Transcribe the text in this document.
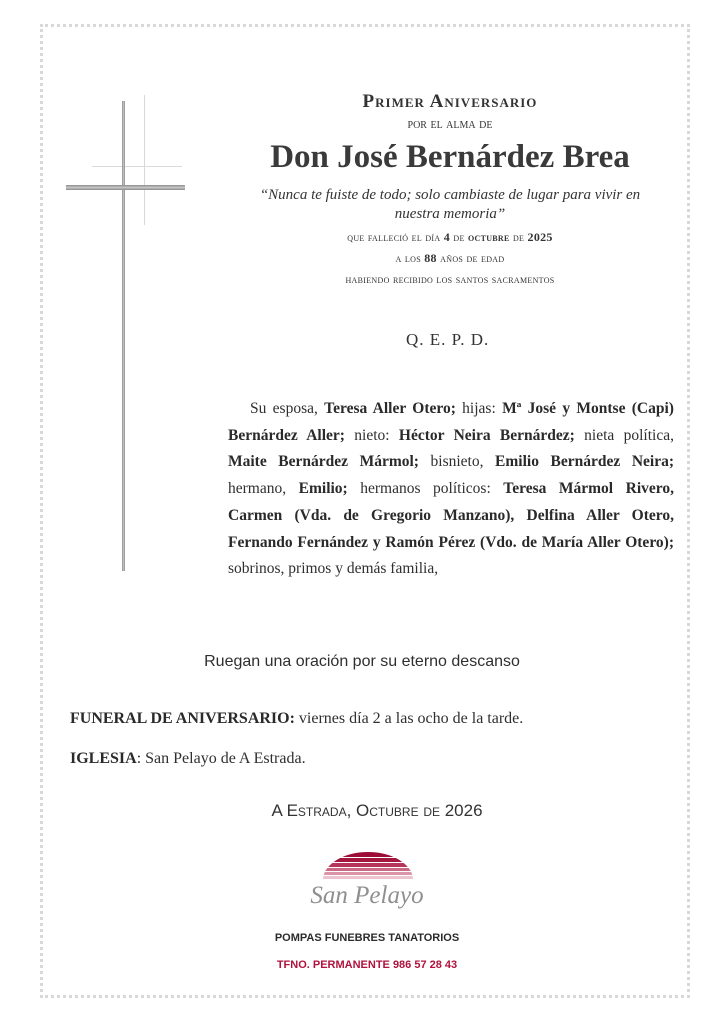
Primer Aniversario
por el alma de
Don José Bernárdez Brea
“Nunca te fuiste de todo; solo cambiaste de lugar para vivir en nuestra memoria”
que falleció el día 4 de octubre de 2025
a los 88 años de edad
habiendo recibido los santos sacramentos
Q. E. P. D.
Su esposa, Teresa Aller Otero; hijas: Mª José y Montse (Capi) Bernárdez Aller; nieto: Héctor Neira Bernárdez; nieta política, Maite Bernárdez Mármol; bisnieto, Emilio Bernárdez Neira; hermano, Emilio; hermanos políticos: Teresa Mármol Rivero, Carmen (Vda. de Gregorio Manzano), Delfina Aller Otero, Fernando Fernández y Ramón Pérez (Vdo. de María Aller Otero); sobrinos, primos y demás familia,
Ruegan una oración por su eterno descanso
FUNERAL DE ANIVERSARIO: viernes día 2 a las ocho de la tarde.
IGLESIA: San Pelayo de A Estrada.
A Estrada, Octubre de 2026
San Pelayo
POMPAS FUNEBRES TANATORIOS
TFNO. PERMANENTE 986 57 28 43
